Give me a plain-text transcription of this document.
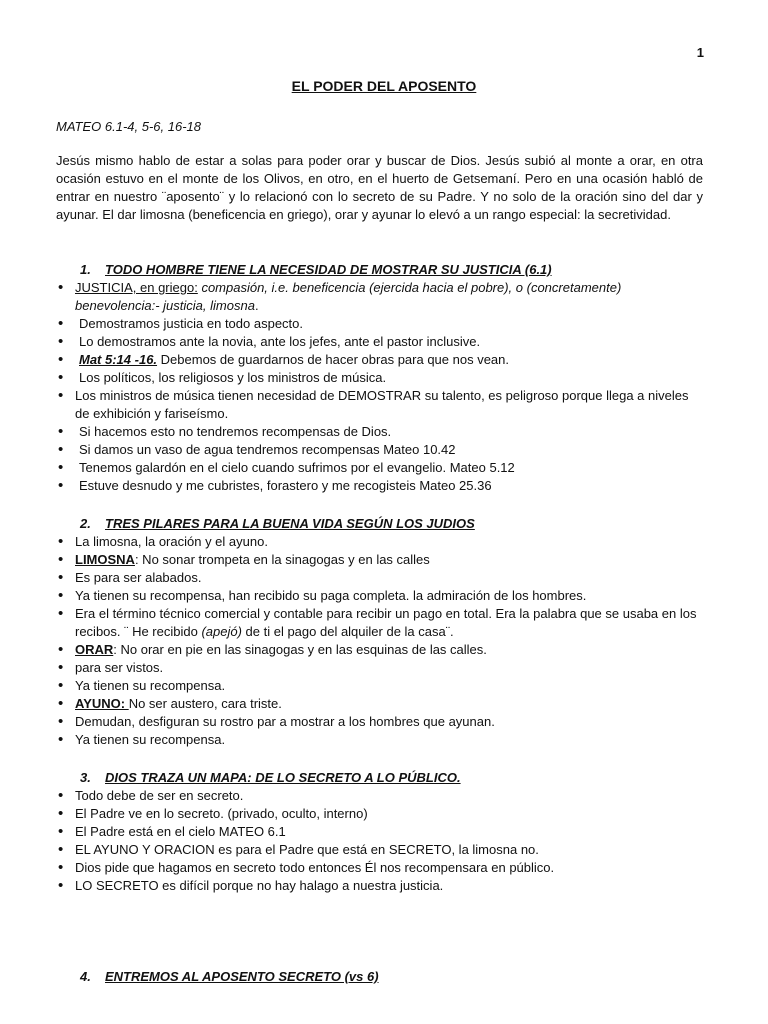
1
EL PODER DEL APOSENTO
MATEO 6.1-4, 5-6, 16-18

Jesús mismo hablo de estar a solas para poder orar y buscar de Dios. Jesús subió al monte a orar, en otra ocasión estuvo en el monte de los Olivos, en otro, en el huerto de Getsemaní. Pero en una ocasión habló de entrar en nuestro ¨aposento¨ y lo relacionó con lo secreto de su Padre. Y no solo de la oración sino del dar y ayunar. El dar limosna (beneficencia en griego), orar y ayunar lo elevó a un rango especial: la secretividad.

1. TODO HOMBRE TIENE LA NECESIDAD DE MOSTRAR SU JUSTICIA (6.1)
• JUSTICIA, en griego: compasión, i.e. beneficencia (ejercida hacia el pobre), o (concretamente) benevolencia:- justicia, limosna.
• Demostramos justicia en todo aspecto.
• Lo demostramos ante la novia, ante los jefes, ante el pastor inclusive.
• Mat 5:14 -16. Debemos de guardarnos de hacer obras para que nos vean.
• Los políticos, los religiosos y los ministros de música.
• Los ministros de música tienen necesidad de DEMOSTRAR su talento, es peligroso porque llega a niveles de exhibición y fariseísmo.
• Si hacemos esto no tendremos recompensas de Dios.
• Si damos un vaso de agua tendremos recompensas Mateo 10.42
• Tenemos galardón en el cielo cuando sufrimos por el evangelio. Mateo 5.12
• Estuve desnudo y me cubristes, forastero y me recogisteis Mateo 25.36
2. TRES PILARES PARA LA BUENA VIDA SEGÚN LOS JUDIOS
• La limosna, la oración y el ayuno.
• LIMOSNA: No sonar trompeta en la sinagogas y en las calles
• Es para ser alabados.
• Ya tienen su recompensa, han recibido su paga completa. la admiración de los hombres.
• Era el término técnico comercial y contable para recibir un pago en total. Era la palabra que se usaba en los recibos. ¨ He recibido (apejó) de ti el pago del alquiler de la casa¨.
• ORAR: No orar en pie en las sinagogas y en las esquinas de las calles.
• para ser vistos.
• Ya tienen su recompensa.
• AYUNO: No ser austero, cara triste.
• Demudan, desfiguran su rostro par a mostrar a los hombres que ayunan.
• Ya tienen su recompensa.
3. DIOS TRAZA UN MAPA: DE LO SECRETO A LO PÚBLICO.
• Todo debe de ser en secreto.
• El Padre ve en lo secreto. (privado, oculto, interno)
• El Padre está en el cielo MATEO 6.1
• EL AYUNO Y ORACION es para el Padre que está en SECRETO, la limosna no.
• Dios pide que hagamos en secreto todo entonces Él nos recompensara en público.
• LO SECRETO es difícil porque no hay halago a nuestra justicia.
4. ENTREMOS AL APOSENTO SECRETO (vs 6)
